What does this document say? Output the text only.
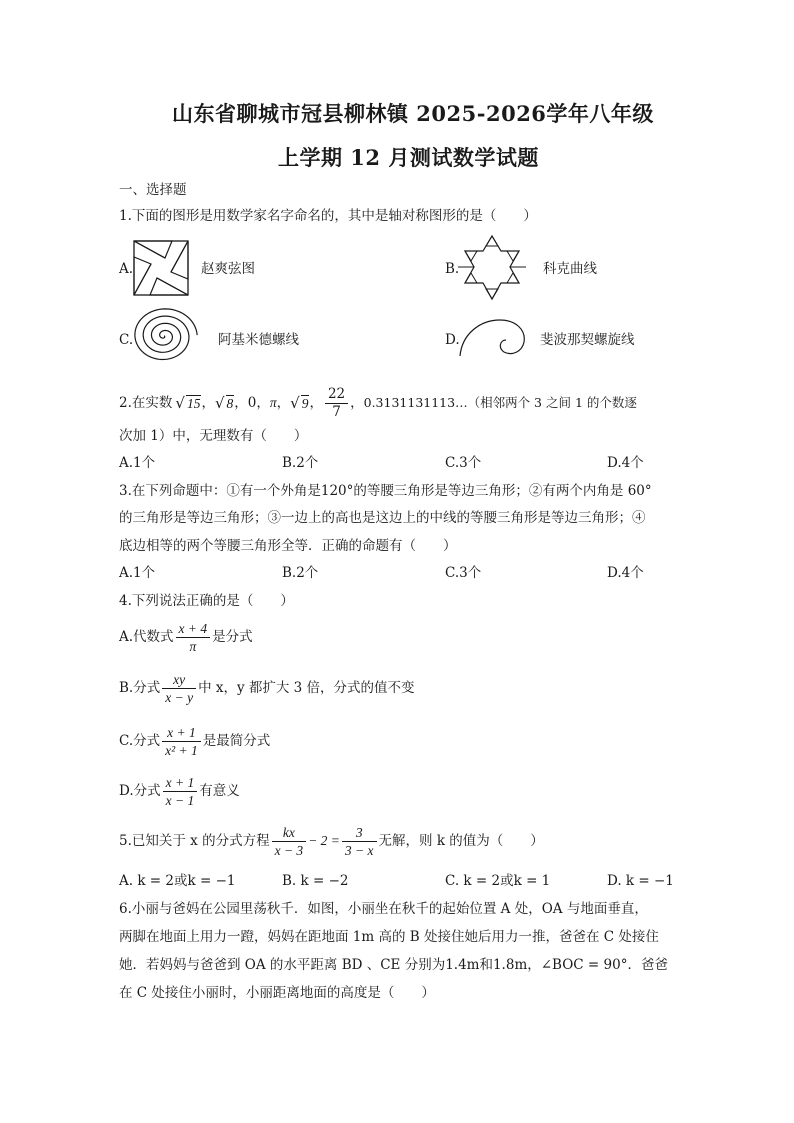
山东省聊城市冠县柳林镇 2025-2026学年八年级
上学期 12 月测试数学试题
一、选择题
1.下面的图形是用数学家名字命名的，其中是轴对称图形的是（　　）
A.	赵爽弦图	B.	科克曲线
C.	阿基米德螺线	D.	斐波那契螺旋线
2.在实数 √ 15 ， √ 8 ， 0 ， π ， √ 9 ， $\frac{22}{7}$ ， 0.3131131113…（相邻两个 3 之间 1 的个数逐
次加 1）中，无理数有（　　）
A.1个	B.2个	C.3个	D.4个
3.在下列命题中：①有一个外角是120°的等腰三角形是等边三角形；②有两个内角是 60°
的三角形是等边三角形；③一边上的高也是这边上的中线的等腰三角形是等边三角形；④
底边相等的两个等腰三角形全等．正确的命题有（　　）
A.1个	B.2个	C.3个	D.4个
4.下列说法正确的是（　　）
A.代数式 $\frac{x + 4}{\pi}$ 是分式
B.分式 $\frac{xy}{x - y}$ 中 x，y 都扩大 3 倍，分式的值不变
C.分式 $\frac{x + 1}{\text{x² + 1}}$ 是最简分式
D.分式 $\frac{x + 1}{x - 1}$ 有意义
5.已知关于 x 的分式方程 $\frac{kx}{x - 3} - 2 = \frac{3}{3 - x}$ 无解，则 k 的值为（　　）
A. k = 2或k = −1	B. k = −2	C. k = 2或k = 1	D. k = −1
6.小丽与爸妈在公园里荡秋千．如图，小丽坐在秋千的起始位置 A 处，OA 与地面垂直，
两脚在地面上用力一蹬，妈妈在距地面 1m 高的 B 处接住她后用力一推，爸爸在 C 处接住
她．若妈妈与爸爸到 OA 的水平距离 BD 、CE 分别为1.4m和1.8m，∠BOC = 90°．爸爸
在 C 处接住小丽时，小丽距离地面的高度是（　　）
